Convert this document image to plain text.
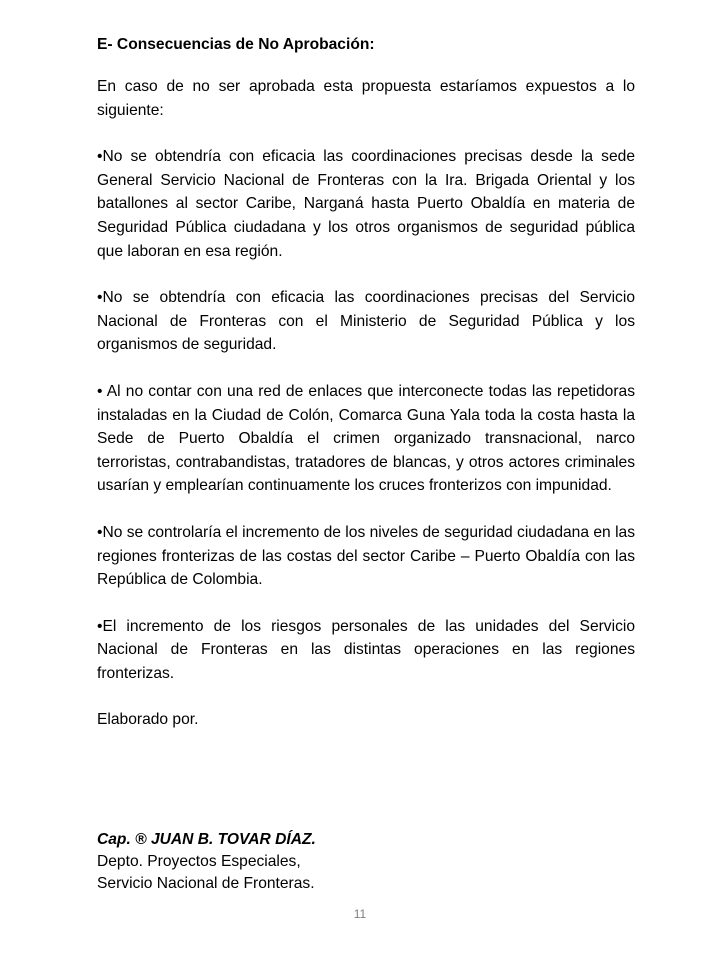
E- Consecuencias de No Aprobación:
En caso de no ser aprobada esta propuesta estaríamos expuestos a lo siguiente:
•No se obtendría con eficacia las coordinaciones precisas desde la sede General Servicio Nacional de Fronteras con la Ira. Brigada Oriental y los batallones al sector Caribe, Narganá hasta Puerto Obaldía en materia de Seguridad Pública ciudadana y los otros organismos de seguridad pública que laboran en esa región.
•No se obtendría con eficacia las coordinaciones precisas del Servicio Nacional de Fronteras con el Ministerio de Seguridad Pública y los organismos de seguridad.
• Al no contar con una red de enlaces que interconecte todas las repetidoras instaladas en la Ciudad de Colón, Comarca Guna Yala toda la costa hasta la Sede de Puerto Obaldía el crimen organizado transnacional, narco terroristas, contrabandistas, tratadores de blancas, y otros actores criminales usarían y emplearían continuamente los cruces fronterizos con impunidad.
•No se controlaría el incremento de los niveles de seguridad ciudadana en las regiones fronterizas de las costas del sector Caribe – Puerto Obaldía con las República de Colombia.
•El incremento de los riesgos personales de las unidades del Servicio Nacional de Fronteras en las distintas operaciones en las regiones fronterizas.
Elaborado por.
Cap. ® JUAN B. TOVAR DÍAZ.
Depto. Proyectos Especiales,
Servicio Nacional de Fronteras.
11
